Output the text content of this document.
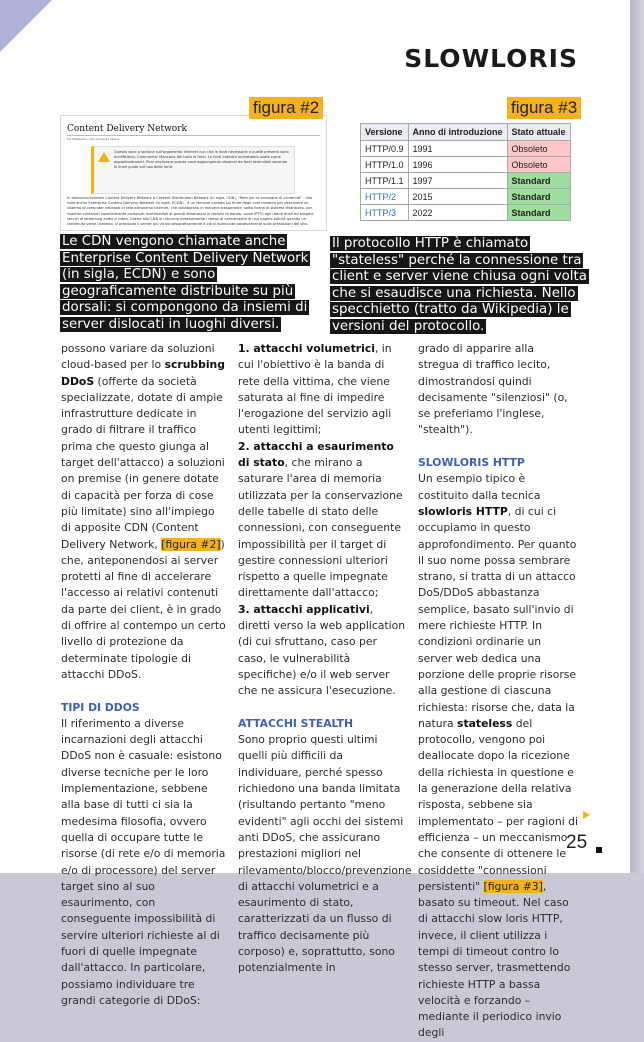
SLOWLORIS
Content Delivery Network
Da Wikipedia, l'enciclopedia libera.
Questa voce o sezione sull'argomento Internet non cita le fonti necessarie o quelle presenti sono insufficienti. Commento: Mancano del tutto le fonti. Le fonti indicate andrebbero usate come approfondimenti. Puoi migliorare questa voce aggiungendo citazioni da fonti attendibili secondo le linee guida sull'uso delle fonti.
In telecomunicazioni Content Delivery Network o Content Distribution Network (in sigla, CDN), "Rete per la consegna di contenuti" - cita nota anche Enterprise Content Delivery Network (in sigla, ECDN) - è un termine coniato sul finire degli anni novanta per descrivere un sistema di computer collegati in rete attraverso Internet, che collaborano in maniera trasparente, sotto forma di sistema distribuito, per ripartire contenuti (specialmente contenuti multimediali di grandi dimensioni in termini di banda, come IPTV) agli utenti finali ed erogare servizi di streaming audio e video. Grazie alla CDN si riducono notevolmente i tempi di caricamento di una pagina poiché quando un contenuto viene richiesto, si prendono il server più vicino geograficamente e ciò si ripercuote positivamente sulle prestazioni del sito.
figura #2
Versione	Anno di introduzione	Stato attuale
HTTP/0.9	1991	Obsoleto
HTTP/1.0	1996	Obsoleto
HTTP/1.1	1997	Standard
HTTP/2	2015	Standard
HTTP/3	2022	Standard
figura #3
Le CDN vengono chiamate anche Enterprise Content Delivery Network (in sigla, ECDN) e sono geograficamente distribuite su più dorsali: si compongono da insiemi di server dislocati in luoghi diversi.
Il protocollo HTTP è chiamato "stateless" perché la connessione tra client e server viene chiusa ogni volta che si esaudisce una richiesta. Nello specchietto (tratto da Wikipedia) le versioni del protocollo.

possono variare da soluzioni cloud-based per lo scrubbing DDoS (offerte da società specializzate, dotate di ampie infrastrutture dedicate in grado di filtrare il traffico prima che questo giunga al target dell'attacco) a soluzioni on premise (in genere dotate di capacità per forza di cose più limitate) sino all'impiego di apposite CDN (Content Delivery Network, [figura #2]) che, anteponendosi ai server protetti al fine di accelerare l'accesso ai relativi contenuti da parte dei client, è in grado di offrire al contempo un certo livello di protezione da determinate tipologie di attacchi DDoS.

TIPI DI DDOS

Il riferimento a diverse incarnazioni degli attacchi DDoS non è casuale: esistono diverse tecniche per le loro implementazione, sebbene alla base di tutti ci sia la medesima filosofia, ovvero quella di occupare tutte le risorse (di rete e/o di memoria e/o di processore) del server target sino al suo esaurimento, con conseguente impossibilità di servire ulteriori richieste al di fuori di quelle impegnate dall'attacco. In particolare, possiamo individuare tre grandi categorie di DDoS:

1. attacchi volumetrici, in cui l'obiettivo è la banda di rete della vittima, che viene saturata al fine di impedire l'erogazione del servizio agli utenti legittimi;

2. attacchi a esaurimento di stato, che mirano a saturare l'area di memoria utilizzata per la conservazione delle tabelle di stato delle connessioni, con conseguente impossibilità per il target di gestire connessioni ulteriori rispetto a quelle impegnate direttamente dall'attacco;

3. attacchi applicativi, diretti verso la web application (di cui sfruttano, caso per caso, le vulnerabilità specifiche) e/o il web server che ne assicura l'esecuzione.

ATTACCHI STEALTH

Sono proprio questi ultimi quelli più difficili da individuare, perché spesso richiedono una banda limitata (risultando pertanto "meno evidenti" agli occhi dei sistemi anti DDoS, che assicurano prestazioni migliori nel rilevamento/blocco/prevenzione di attacchi volumetrici e a esaurimento di stato, caratterizzati da un flusso di traffico decisamente più corposo) e, soprattutto, sono potenzialmente in

grado di apparire alla stregua di traffico lecito, dimostrandosi quindi decisamente "silenziosi" (o, se preferiamo l'inglese, "stealth").

SLOWLORIS HTTP

Un esempio tipico è costituito dalla tecnica slowloris HTTP, di cui ci occupiamo in questo approfondimento. Per quanto il suo nome possa sembrare strano, si tratta di un attacco DoS/DDoS abbastanza semplice, basato sull'invio di mere richieste HTTP. In condizioni ordinarie un server web dedica una porzione delle proprie risorse alla gestione di ciascuna richiesta: risorse che, data la natura stateless del protocollo, vengono poi deallocate dopo la ricezione della richiesta in questione e la generazione della relativa risposta, sebbene sia implementato – per ragioni di efficienza – un meccanismo che consente di ottenere le cosiddette "connessioni persistenti" [figura #3], basato su timeout. Nel caso di attacchi slow loris HTTP, invece, il client utilizza i tempi di timeout contro lo stesso server, trasmettendo richieste HTTP a bassa velocità e forzando – mediante il periodico invio degli

25
